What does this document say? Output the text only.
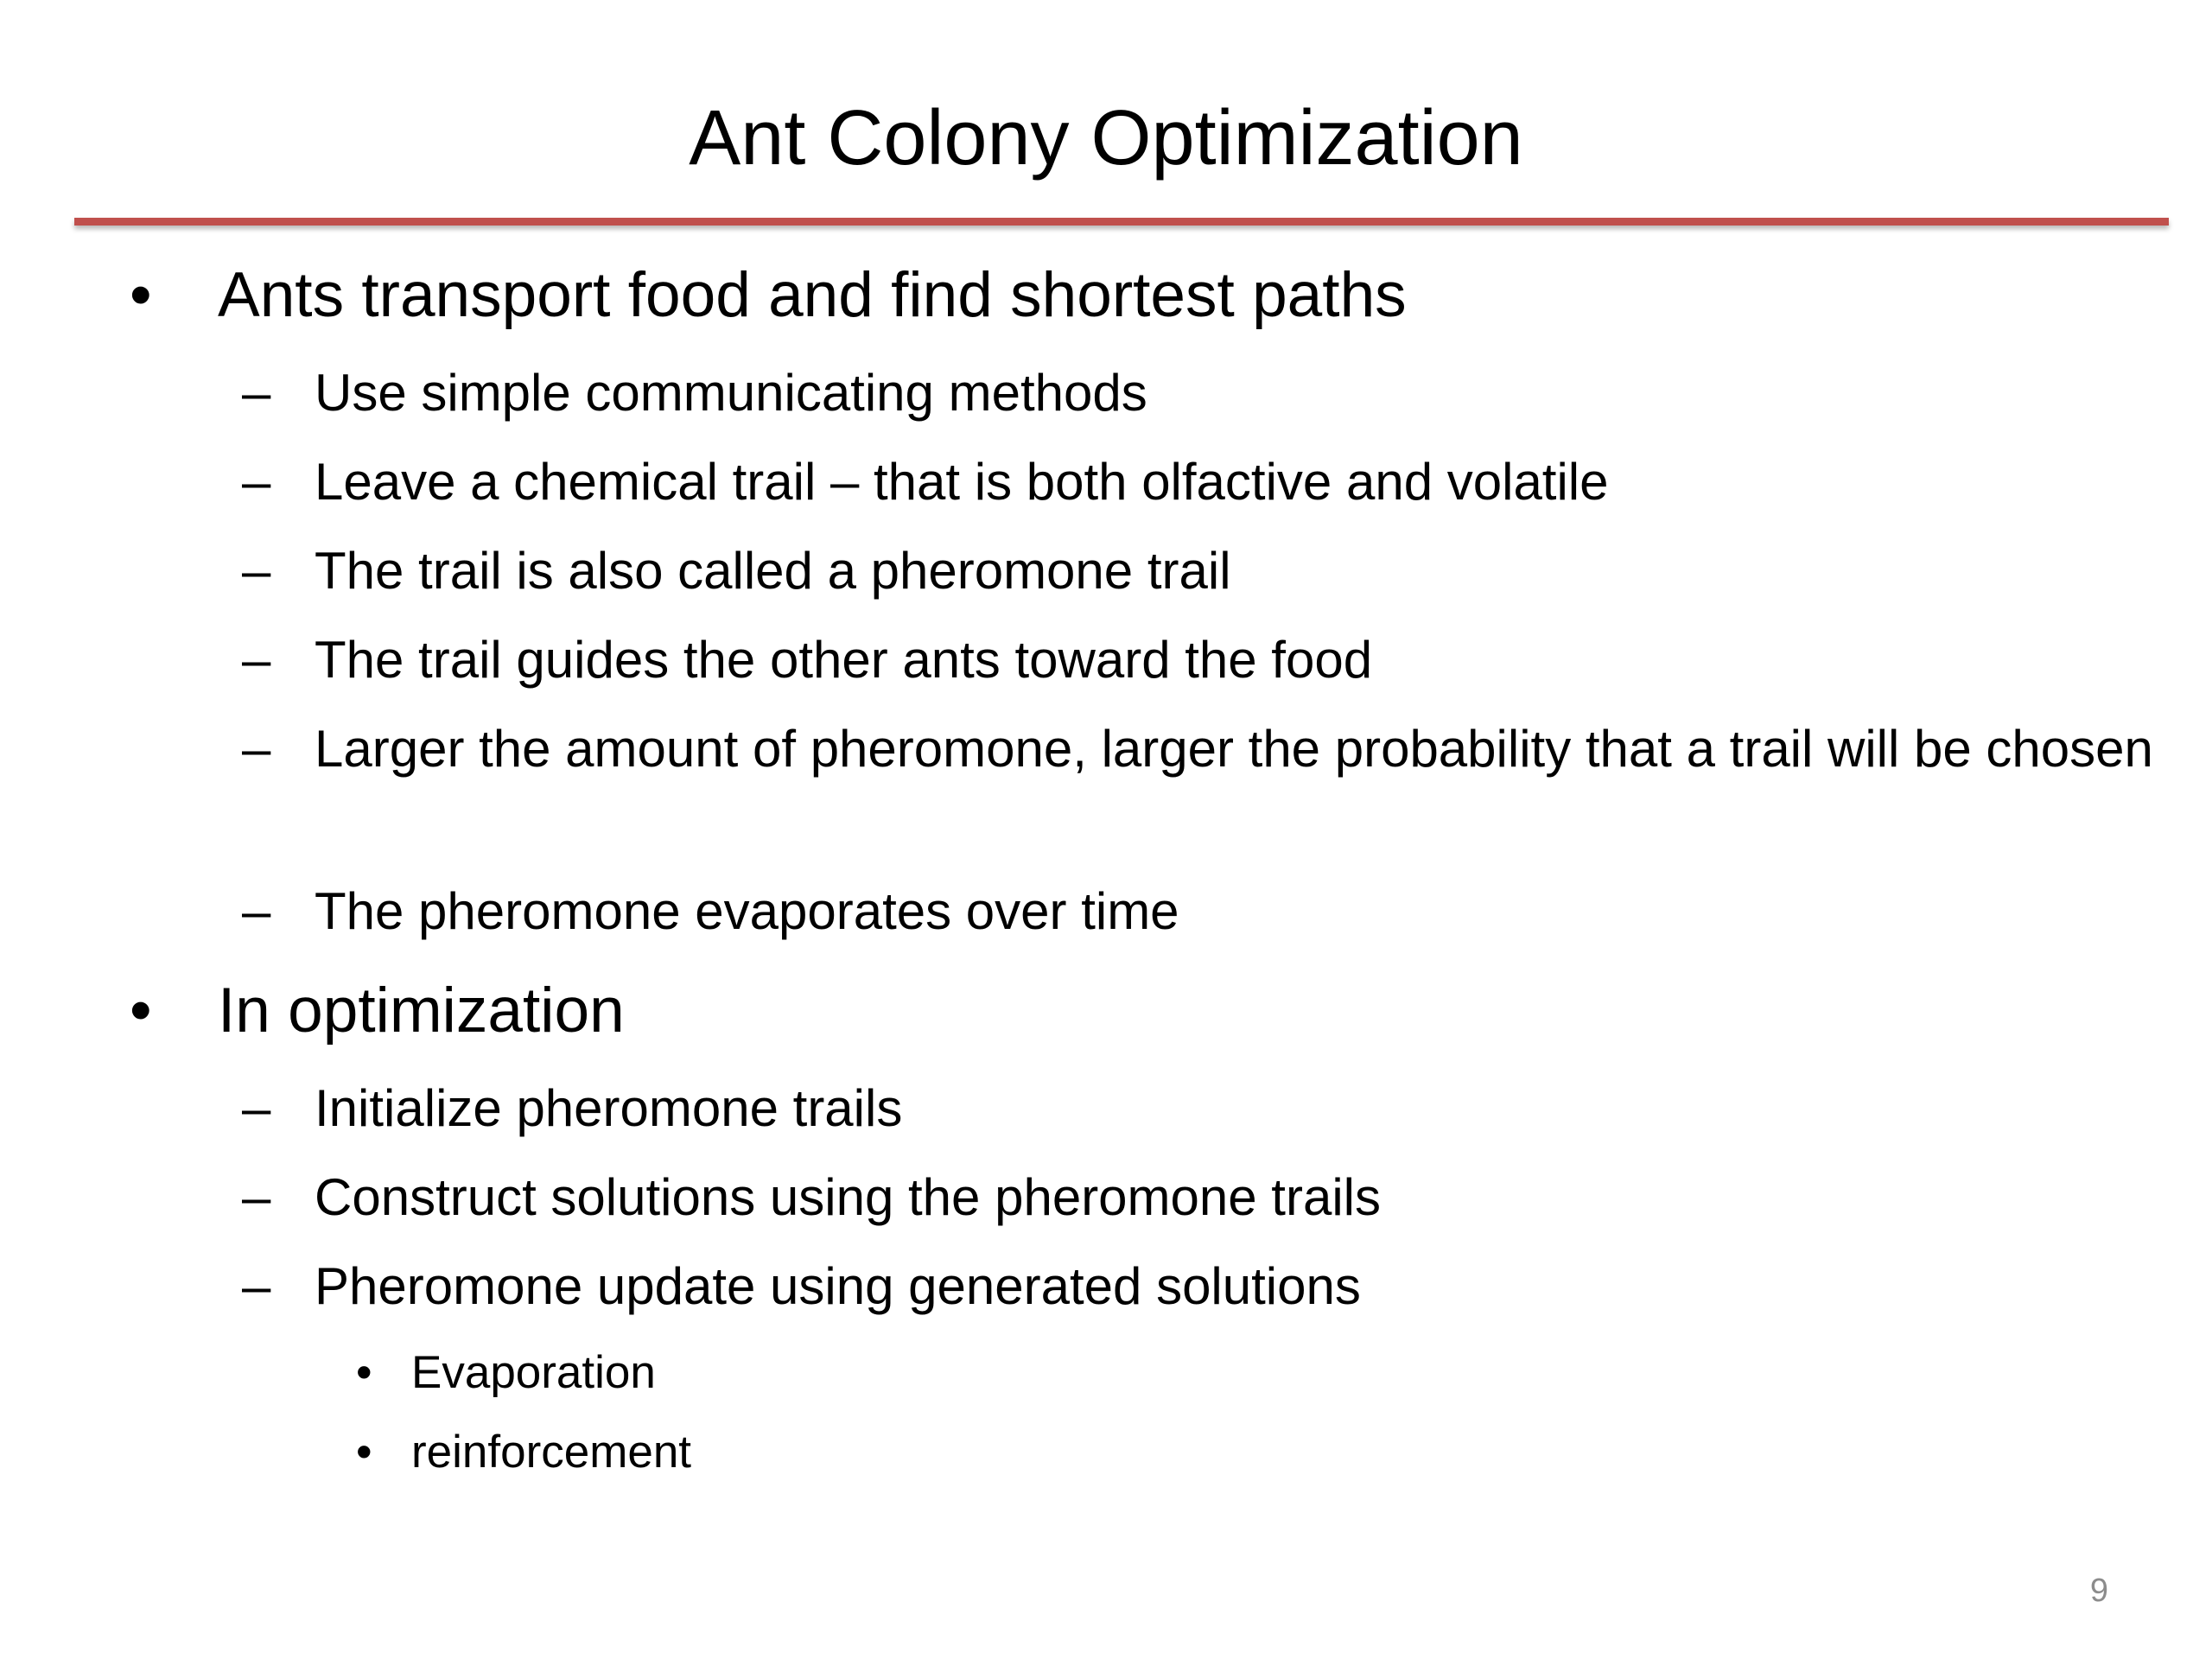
Ant Colony Optimization
• Ants transport food and find shortest paths
– Use simple communicating methods
– Leave a chemical trail – that is both olfactive and volatile
– The trail is also called a pheromone trail
– The trail guides the other ants toward the food
– Larger the amount of pheromone, larger the probability that a trail will be chosen
– The pheromone evaporates over time
• In optimization
– Initialize pheromone trails
– Construct solutions using the pheromone trails
– Pheromone update using generated solutions
• Evaporation
• reinforcement
9
